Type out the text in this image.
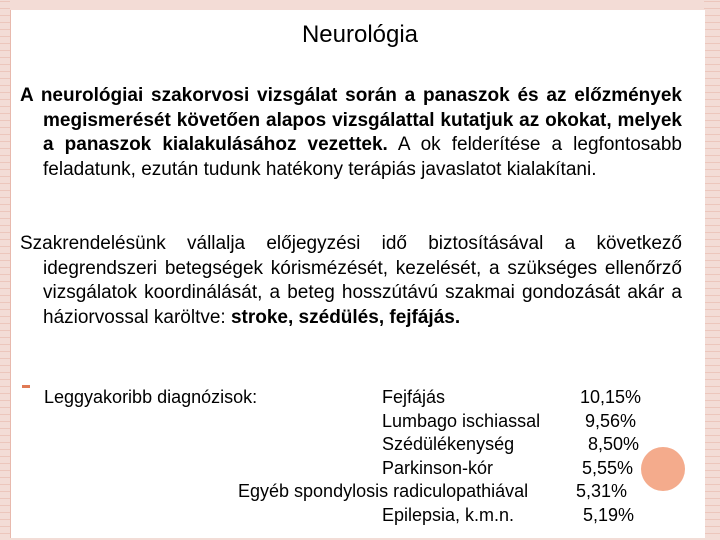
Neurológia
A neurológiai szakorvosi vizsgálat során a panaszok és az előzmények megismerését követően alapos vizsgálattal kutatjuk az okokat, melyek a panaszok kialakulásához vezettek. A ok felderítése a legfontosabb feladatunk, ezután tudunk hatékony terápiás javaslatot kialakítani.
Szakrendelésünk vállalja előjegyzési idő biztosításával a következő idegrendszeri betegségek kórismézését, kezelését, a szükséges ellenőrző vizsgálatok koordinálását, a beteg hosszútávú szakmai gondozását akár a háziorvossal karöltve: stroke, szédülés, fejfájás.
Leggyakoribb diagnózisok:	Fejfájás
Lumbago ischiassal
Szédülékenység
Parkinson-kór
Egyéb spondylosis radiculopathiával
Epilepsia, k.m.n.
10,15%
9,56%
8,50%
5,55%
5,31%
5,19%
